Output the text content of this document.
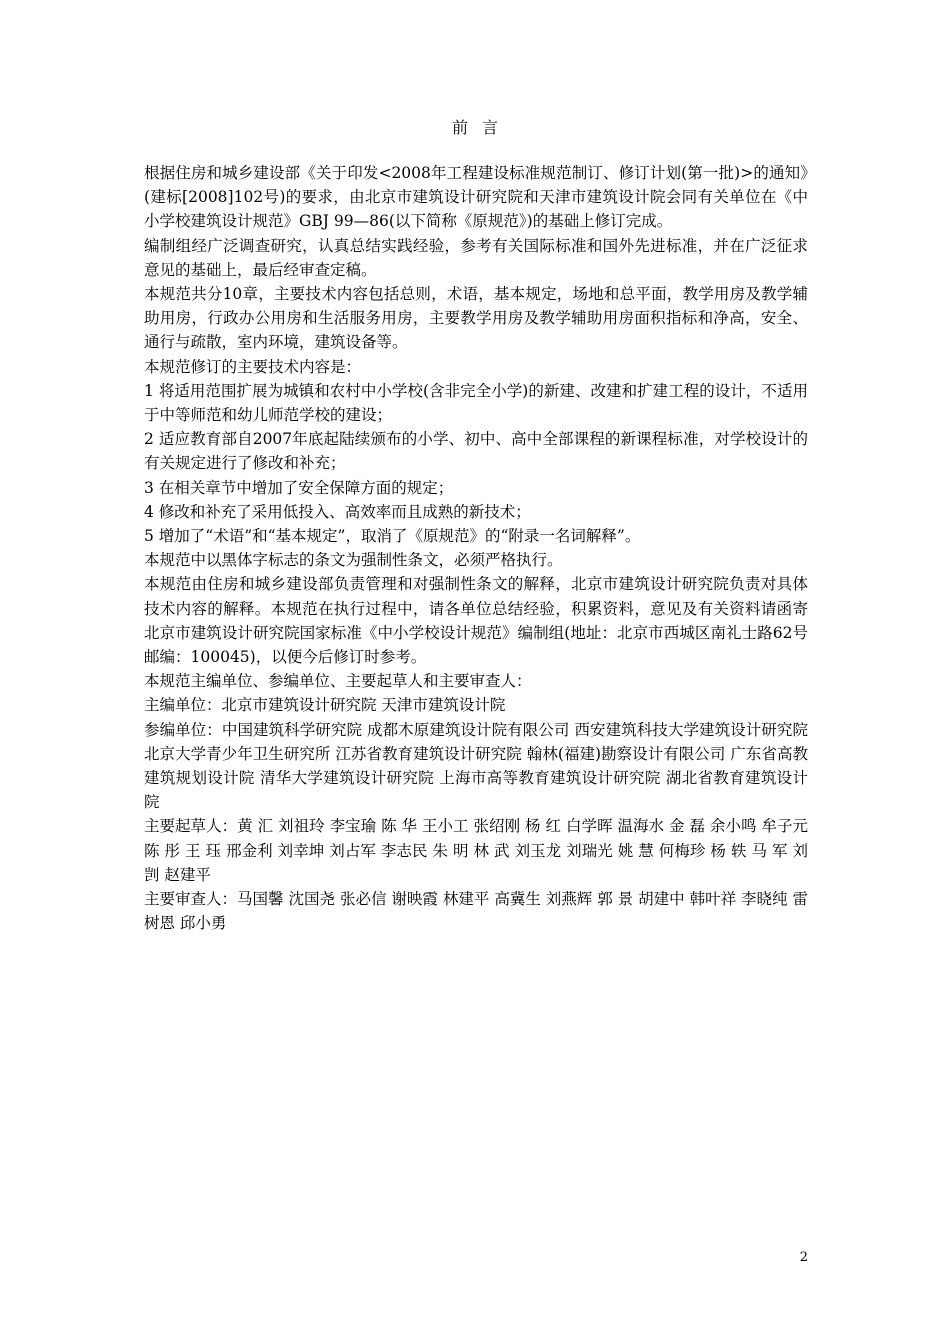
前言

根据住房和城乡建设部《关于印发<2008年工程建设标准规范制订、修订计划(第一批)>的通知》(建标[2008]102号)的要求，由北京市建筑设计研究院和天津市建筑设计院会同有关单位在《中小学校建筑设计规范》GBJ 99—86(以下简称《原规范》)的基础上修订完成。

编制组经广泛调查研究，认真总结实践经验，参考有关国际标准和国外先进标准，并在广泛征求意见的基础上，最后经审查定稿。

本规范共分10章，主要技术内容包括总则，术语，基本规定，场地和总平面，教学用房及教学辅助用房，行政办公用房和生活服务用房，主要教学用房及教学辅助用房面积指标和净高，安全、通行与疏散，室内环境，建筑设备等。

本规范修订的主要技术内容是：

1 将适用范围扩展为城镇和农村中小学校(含非完全小学)的新建、改建和扩建工程的设计，不适用于中等师范和幼儿师范学校的建设；

2 适应教育部自2007年底起陆续颁布的小学、初中、高中全部课程的新课程标准，对学校设计的有关规定进行了修改和补充；

3 在相关章节中增加了安全保障方面的规定；

4 修改和补充了采用低投入、高效率而且成熟的新技术；

5 增加了“术语”和“基本规定”，取消了《原规范》的“附录一名词解释”。

本规范中以黑体字标志的条文为强制性条文，必须严格执行。

本规范由住房和城乡建设部负责管理和对强制性条文的解释，北京市建筑设计研究院负责对具体技术内容的解释。本规范在执行过程中，请各单位总结经验，积累资料，意见及有关资料请函寄北京市建筑设计研究院国家标准《中小学校设计规范》编制组(地址：北京市西城区南礼士路62号邮编：100045)，以便今后修订时参考。

本规范主编单位、参编单位、主要起草人和主要审查人：

主编单位：北京市建筑设计研究院 天津市建筑设计院

参编单位：中国建筑科学研究院 成都木原建筑设计院有限公司 西安建筑科技大学建筑设计研究院 北京大学青少年卫生研究所 江苏省教育建筑设计研究院 翰林(福建)勘察设计有限公司 广东省高教建筑规划设计院 清华大学建筑设计研究院 上海市高等教育建筑设计研究院 湖北省教育建筑设计院

主要起草人：黄 汇 刘祖玲 李宝瑜 陈 华 王小工 张绍刚 杨 红 白学晖 温海水 金 磊 余小鸣 牟子元 陈 彤 王 珏 邢金利 刘幸坤 刘占军 李志民 朱 明 林 武 刘玉龙 刘瑞光 姚 慧 何梅珍 杨 轶 马 军 刘 剀 赵建平

主要审查人：马国馨 沈国尧 张必信 谢映霞 林建平 高冀生 刘燕辉 郭 景 胡建中 韩叶祥 李晓纯 雷树恩 邱小勇

2
